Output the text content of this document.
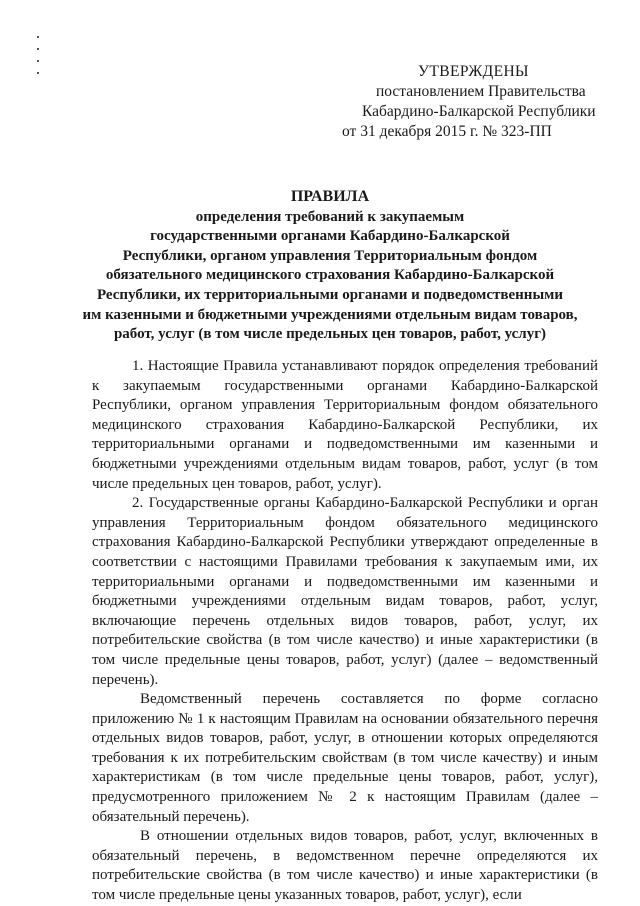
УТВЕРЖДЕНЫ
постановлением Правительства
Кабардино-Балкарской Республики
от 31 декабря 2015 г. № 323-ПП
ПРАВИЛА
определения требований к закупаемым
государственными органами Кабардино-Балкарской
Республики, органом управления Территориальным фондом
обязательного медицинского страхования Кабардино-Балкарской
Республики, их территориальными органами и подведомственными
им казенными и бюджетными учреждениями отдельным видам товаров,
работ, услуг (в том числе предельных цен товаров, работ, услуг)

1. Настоящие Правила устанавливают порядок определения требований к закупаемым государственными органами Кабардино-Балкарской Республики, органом управления Территориальным фондом обязательного медицинского страхования Кабардино-Балкарской Республики, их территориальными органами и подведомственными им казенными и бюджетными учреждениями отдельным видам товаров, работ, услуг (в том числе предельных цен товаров, работ, услуг).

2. Государственные органы Кабардино-Балкарской Республики и орган управления Территориальным фондом обязательного медицинского страхования Кабардино-Балкарской Республики утверждают определенные в соответствии с настоящими Правилами требования к закупаемым ими, их территориальными органами и подведомственными им казенными и бюджетными учреждениями отдельным видам товаров, работ, услуг, включающие перечень отдельных видов товаров, работ, услуг, их потребительские свойства (в том числе качество) и иные характеристики (в том числе предельные цены товаров, работ, услуг) (далее – ведомственный перечень).

Ведомственный перечень составляется по форме согласно приложению № 1 к настоящим Правилам на основании обязательного перечня отдельных видов товаров, работ, услуг, в отношении которых определяются требования к их потребительским свойствам (в том числе качеству) и иным характеристикам (в том числе предельные цены товаров, работ, услуг), предусмотренного приложением № 2 к настоящим Правилам (далее – обязательный перечень).

В отношении отдельных видов товаров, работ, услуг, включенных в обязательный перечень, в ведомственном перечне определяются их потребительские свойства (в том числе качество) и иные характеристики (в том числе предельные цены указанных товаров, работ, услуг), если
